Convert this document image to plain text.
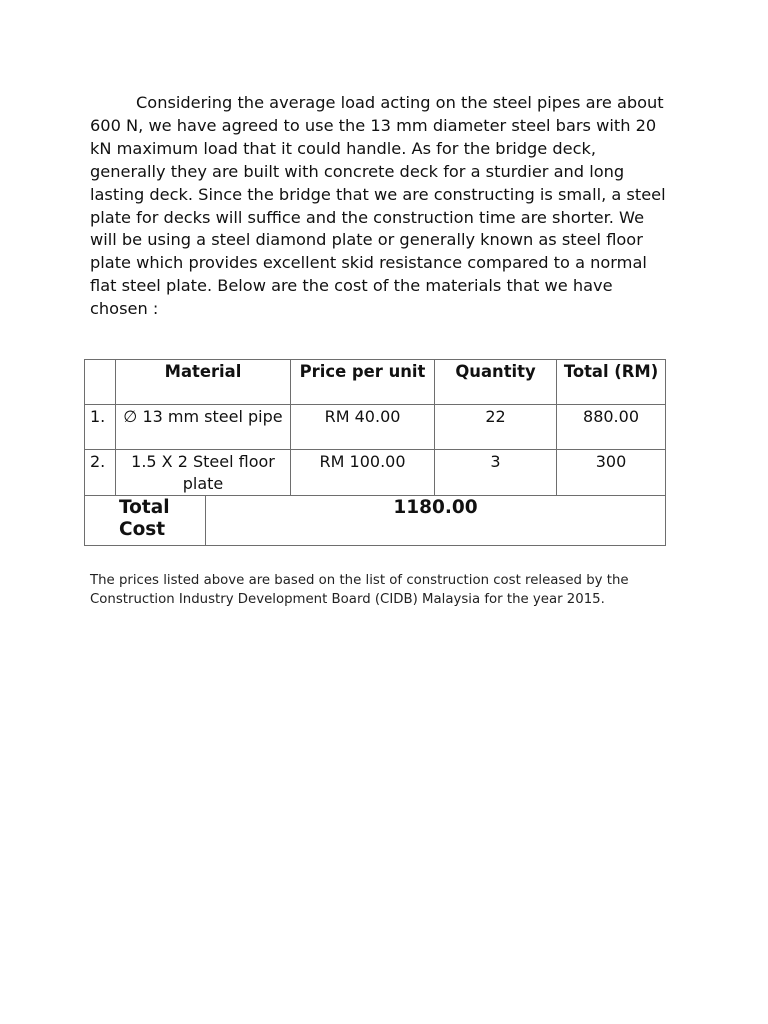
Considering the average load acting on the steel pipes are about 600 N, we have agreed to use the 13 mm diameter steel bars with 20 kN maximum load that it could handle. As for the bridge deck, generally they are built with concrete deck for a sturdier and long lasting deck. Since the bridge that we are constructing is small, a steel plate for decks will suffice and the construction time are shorter. We will be using a steel diamond plate or generally known as steel floor plate which provides excellent skid resistance compared to a normal flat steel plate. Below are the cost of the materials that we have chosen :

	Material		Price per unit	Quantity	Total (RM)
1.	∅ 13 mm steel pipe		RM 40.00	22	880.00
2.	1.5 X 2 Steel floor plate		RM 100.00	3	300
Total Cost		1180.00			

The prices listed above are based on the list of construction cost released by the Construction Industry Development Board (CIDB) Malaysia for the year 2015.
